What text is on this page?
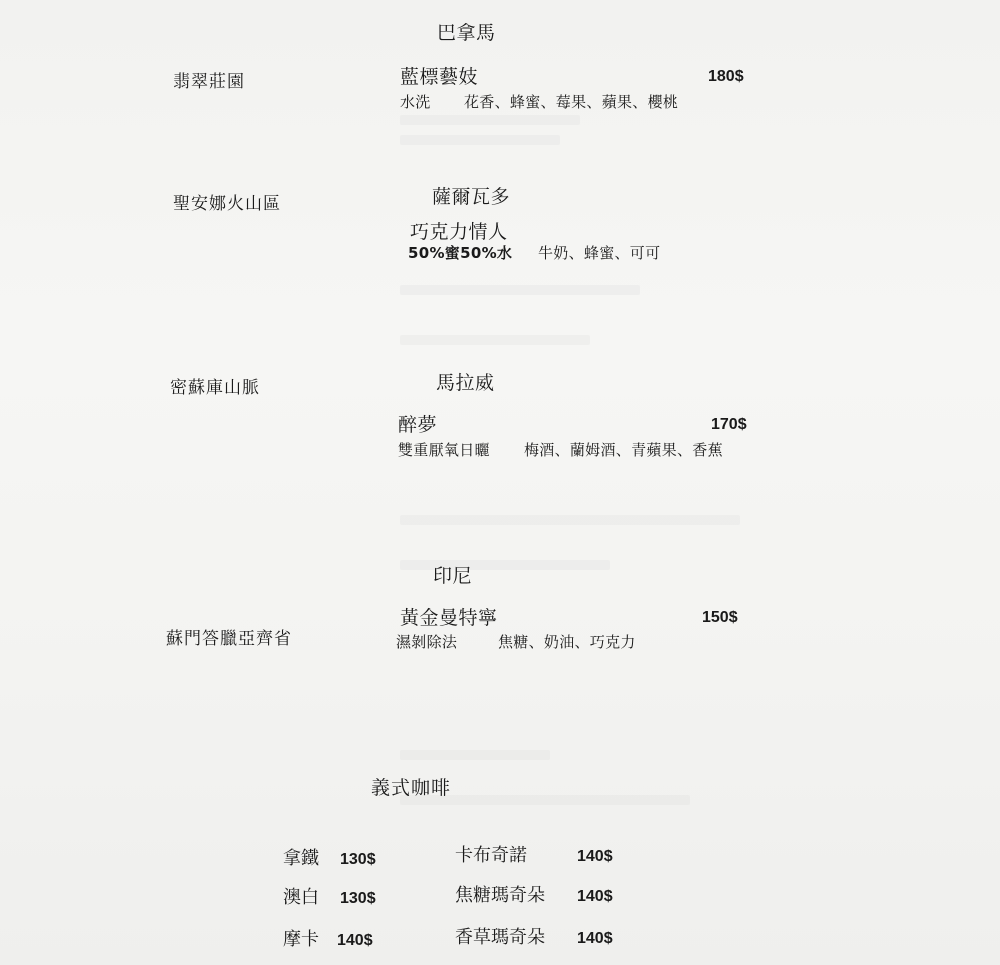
巴拿馬
翡翠莊園	藍標藝妓	180$
水洗 花香、蜂蜜、莓果、蘋果、櫻桃
薩爾瓦多
聖安娜火山區
巧克力情人
50%蜜50%水 牛奶、蜂蜜、可可
馬拉威
密蘇庫山脈
醉夢	170$
雙重厭氧日曬 梅酒、蘭姆酒、青蘋果、香蕉
印尼
蘇門答臘亞齊省
黃金曼特寧	150$
濕剝除法	焦糖、奶油、巧克力
義式咖啡
拿鐵 130$	卡布奇諾	140$
澳白 130$	焦糖瑪奇朵 140$
摩卡 140$	香草瑪奇朵 140$
